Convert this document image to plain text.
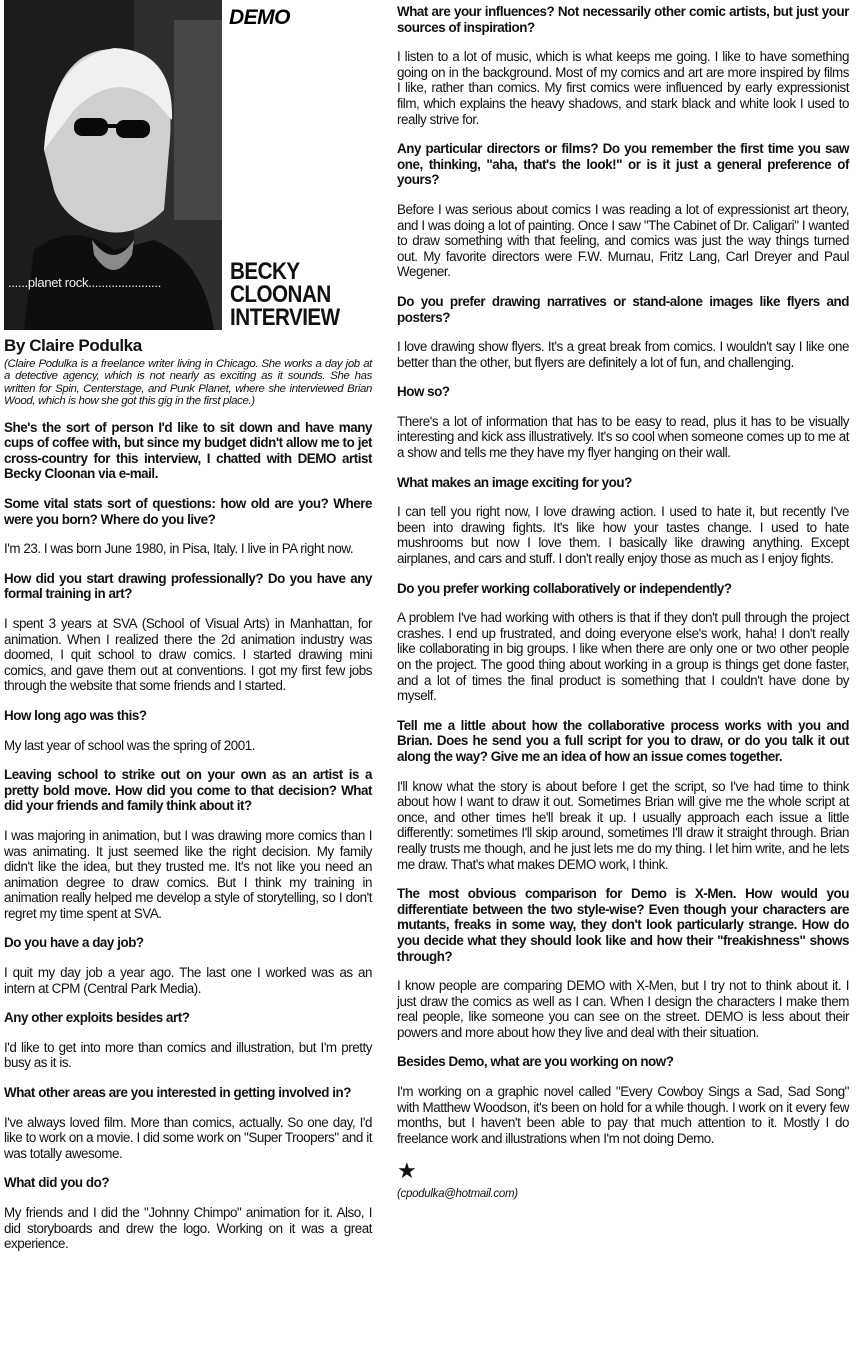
......planet rock......................
DEMO
BECKY
CLOONAN
INTERVIEW
By Claire Podulka
(Claire Podulka is a freelance writer living in Chicago. She works a day job at a detective agency, which is not nearly as exciting as it sounds. She has written for Spin, Centerstage, and Punk Planet, where she interviewed Brian Wood, which is how she got this gig in the first place.)

She's the sort of person I'd like to sit down and have many cups of coffee with, but since my budget didn't allow me to jet cross-country for this interview, I chatted with DEMO artist Becky Cloonan via e-mail.

Some vital stats sort of questions: how old are you? Where were you born? Where do you live?

I'm 23. I was born June 1980, in Pisa, Italy. I live in PA right now.

How did you start drawing professionally? Do you have any formal training in art?

I spent 3 years at SVA (School of Visual Arts) in Manhattan, for animation. When I realized there the 2d animation industry was doomed, I quit school to draw comics. I started drawing mini comics, and gave them out at conventions. I got my first few jobs through the website that some friends and I started.

How long ago was this?

My last year of school was the spring of 2001.

Leaving school to strike out on your own as an artist is a pretty bold move. How did you come to that decision? What did your friends and family think about it?

I was majoring in animation, but I was drawing more comics than I was animating. It just seemed like the right decision. My family didn't like the idea, but they trusted me. It's not like you need an animation degree to draw comics. But I think my training in animation really helped me develop a style of storytelling, so I don't regret my time spent at SVA.

Do you have a day job?

I quit my day job a year ago. The last one I worked was as an intern at CPM (Central Park Media).

Any other exploits besides art?

I'd like to get into more than comics and illustration, but I'm pretty busy as it is.

What other areas are you interested in getting involved in?

I've always loved film. More than comics, actually. So one day, I'd like to work on a movie. I did some work on "Super Troopers" and it was totally awesome.

What did you do?

My friends and I did the "Johnny Chimpo" animation for it. Also, I did storyboards and drew the logo. Working on it was a great experience.

What are your influences? Not necessarily other comic artists, but just your sources of inspiration?

I listen to a lot of music, which is what keeps me going. I like to have something going on in the background. Most of my comics and art are more inspired by films I like, rather than comics. My first comics were influenced by early expressionist film, which explains the heavy shadows, and stark black and white look I used to really strive for.

Any particular directors or films? Do you remember the first time you saw one, thinking, "aha, that's the look!" or is it just a general preference of yours?

Before I was serious about comics I was reading a lot of expressionist art theory, and I was doing a lot of painting. Once I saw "The Cabinet of Dr. Caligari" I wanted to draw something with that feeling, and comics was just the way things turned out. My favorite directors were F.W. Murnau, Fritz Lang, Carl Dreyer and Paul Wegener.

Do you prefer drawing narratives or stand-alone images like flyers and posters?

I love drawing show flyers. It's a great break from comics. I wouldn't say I like one better than the other, but flyers are definitely a lot of fun, and challenging.

How so?

There's a lot of information that has to be easy to read, plus it has to be visually interesting and kick ass illustratively. It's so cool when someone comes up to me at a show and tells me they have my flyer hanging on their wall.

What makes an image exciting for you?

I can tell you right now, I love drawing action. I used to hate it, but recently I've been into drawing fights. It's like how your tastes change. I used to hate mushrooms but now I love them. I basically like drawing anything. Except airplanes, and cars and stuff. I don't really enjoy those as much as I enjoy fights.

Do you prefer working collaboratively or independently?

A problem I've had working with others is that if they don't pull through the project crashes. I end up frustrated, and doing everyone else's work, haha! I don't really like collaborating in big groups. I like when there are only one or two other people on the project. The good thing about working in a group is things get done faster, and a lot of times the final product is something that I couldn't have done by myself.

Tell me a little about how the collaborative process works with you and Brian. Does he send you a full script for you to draw, or do you talk it out along the way? Give me an idea of how an issue comes together.

I'll know what the story is about before I get the script, so I've had time to think about how I want to draw it out. Sometimes Brian will give me the whole script at once, and other times he'll break it up. I usually approach each issue a little differently: sometimes I'll skip around, sometimes I'll draw it straight through. Brian really trusts me though, and he just lets me do my thing. I let him write, and he lets me draw. That's what makes DEMO work, I think.

The most obvious comparison for Demo is X-Men. How would you differentiate between the two style-wise? Even though your characters are mutants, freaks in some way, they don't look particularly strange. How do you decide what they should look like and how their "freakishness" shows through?

I know people are comparing DEMO with X-Men, but I try not to think about it. I just draw the comics as well as I can. When I design the characters I make them real people, like someone you can see on the street. DEMO is less about their powers and more about how they live and deal with their situation.

Besides Demo, what are you working on now?

I'm working on a graphic novel called "Every Cowboy Sings a Sad, Sad Song" with Matthew Woodson, it's been on hold for a while though. I work on it every few months, but I haven't been able to pay that much attention to it. Mostly I do freelance work and illustrations when I'm not doing Demo.

★
(cpodulka@hotmail.com)
